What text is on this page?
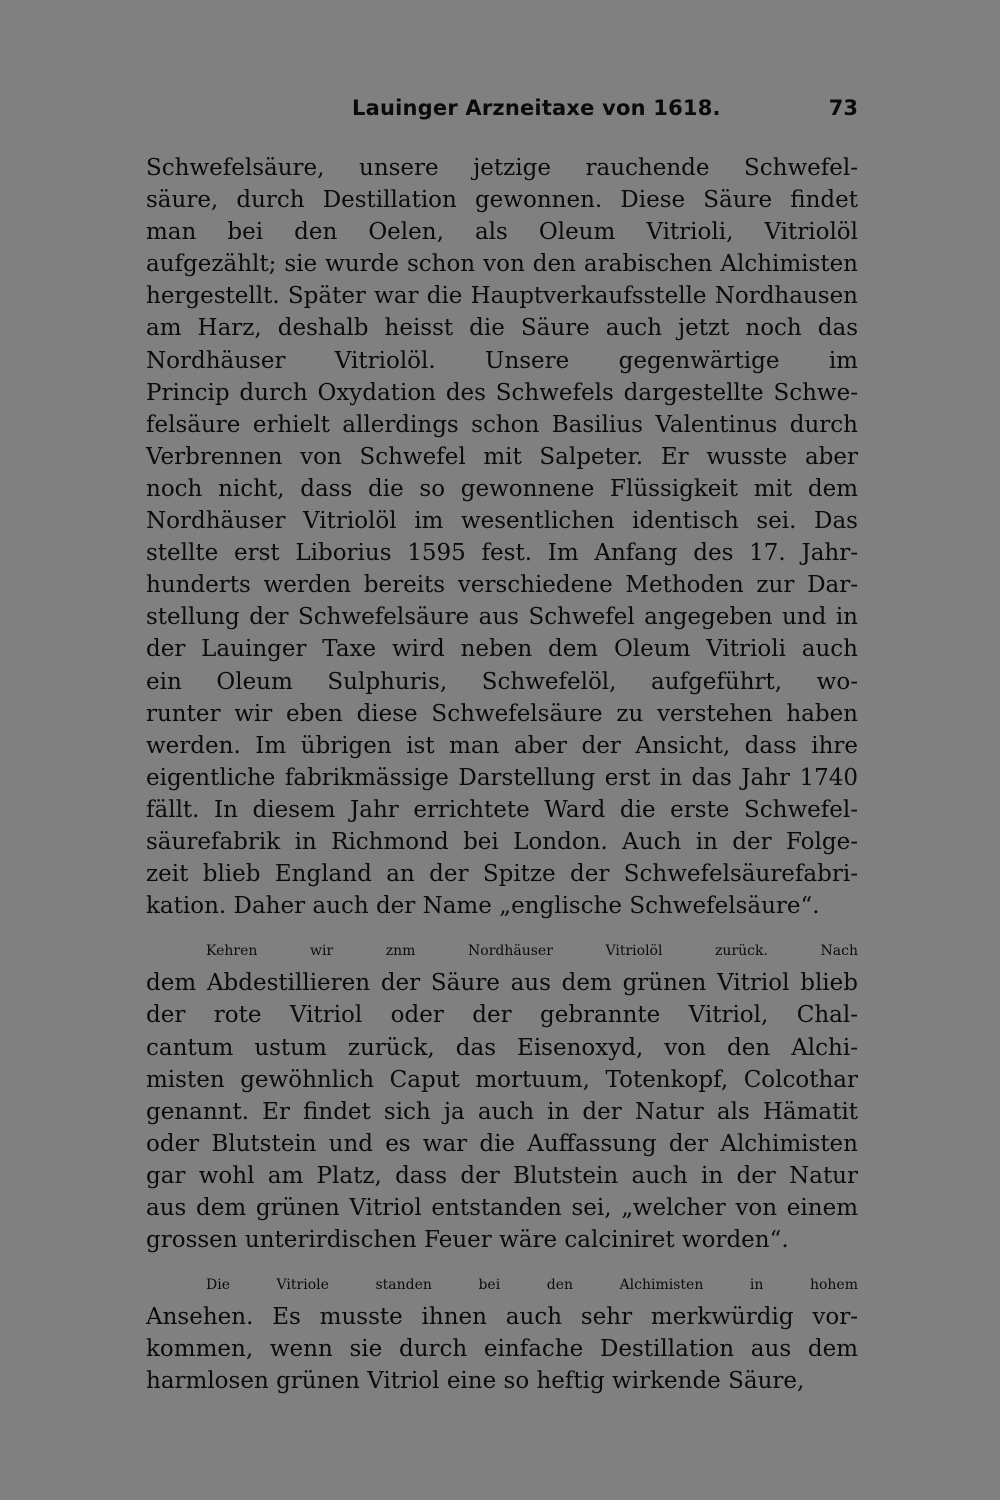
Lauinger Arzneitaxe von 1618.	73
Schwefelsäure, unsere jetzige rauchende Schwefel-
säure, durch Destillation gewonnen. Diese Säure findet
man bei den Oelen, als Oleum Vitrioli, Vitriolöl
aufgezählt; sie wurde schon von den arabischen Alchimisten
hergestellt. Später war die Hauptverkaufsstelle Nordhausen
am Harz, deshalb heisst die Säure auch jetzt noch das
Nordhäuser Vitriolöl. Unsere gegenwärtige im
Princip durch Oxydation des Schwefels dargestellte Schwe-
felsäure erhielt allerdings schon Basilius Valentinus durch
Verbrennen von Schwefel mit Salpeter. Er wusste aber
noch nicht, dass die so gewonnene Flüssigkeit mit dem
Nordhäuser Vitriolöl im wesentlichen identisch sei. Das
stellte erst Liborius 1595 fest. Im Anfang des 17. Jahr-
hunderts werden bereits verschiedene Methoden zur Dar-
stellung der Schwefelsäure aus Schwefel angegeben und in
der Lauinger Taxe wird neben dem Oleum Vitrioli auch
ein Oleum Sulphuris, Schwefelöl, aufgeführt, wo-
runter wir eben diese Schwefelsäure zu verstehen haben
werden. Im übrigen ist man aber der Ansicht, dass ihre
eigentliche fabrikmässige Darstellung erst in das Jahr 1740
fällt. In diesem Jahr errichtete Ward die erste Schwefel-
säurefabrik in Richmond bei London. Auch in der Folge-
zeit blieb England an der Spitze der Schwefelsäurefabri-
kation. Daher auch der Name „englische Schwefelsäure“.
Kehren wir znm Nordhäuser Vitriolöl zurück. Nach
dem Abdestillieren der Säure aus dem grünen Vitriol blieb
der rote Vitriol oder der gebrannte Vitriol, Chal-
cantum ustum zurück, das Eisenoxyd, von den Alchi-
misten gewöhnlich Caput mortuum, Totenkopf, Colcothar
genannt. Er findet sich ja auch in der Natur als Hämatit
oder Blutstein und es war die Auffassung der Alchimisten
gar wohl am Platz, dass der Blutstein auch in der Natur
aus dem grünen Vitriol entstanden sei, „welcher von einem
grossen unterirdischen Feuer wäre calciniret worden“.
Die Vitriole standen bei den Alchimisten in hohem
Ansehen. Es musste ihnen auch sehr merkwürdig vor-
kommen, wenn sie durch einfache Destillation aus dem
harmlosen grünen Vitriol eine so heftig wirkende Säure,
